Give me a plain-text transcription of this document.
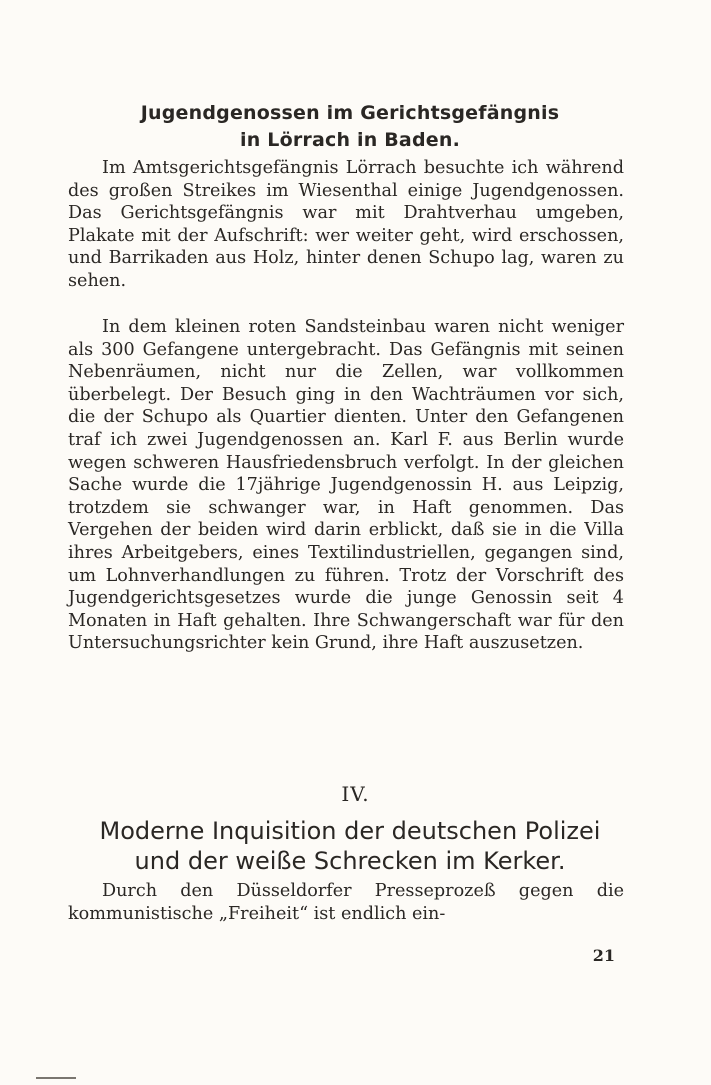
Jugendgenossen im Gerichtsgefängnis
in Lörrach in Baden.

Im Amtsgerichtsgefängnis Lörrach besuchte ich während des großen Streikes im Wiesenthal einige Jugendgenossen. Das Gerichtsgefängnis war mit Drahtverhau umgeben, Plakate mit der Aufschrift: wer weiter geht, wird erschossen, und Barrikaden aus Holz, hinter denen Schupo lag, waren zu sehen.

In dem kleinen roten Sandsteinbau waren nicht weniger als 300 Gefangene untergebracht. Das Gefängnis mit seinen Nebenräumen, nicht nur die Zellen, war vollkommen überbelegt. Der Besuch ging in den Wachträumen vor sich, die der Schupo als Quartier dienten. Unter den Gefangenen traf ich zwei Jugendgenossen an. Karl F. aus Berlin wurde wegen schweren Hausfriedensbruch verfolgt. In der gleichen Sache wurde die 17jährige Jugendgenossin H. aus Leipzig, trotzdem sie schwanger war, in Haft genommen. Das Vergehen der beiden wird darin erblickt, daß sie in die Villa ihres Arbeitgebers, eines Textilindustriellen, gegangen sind, um Lohnverhandlungen zu führen. Trotz der Vorschrift des Jugendgerichtsgesetzes wurde die junge Genossin seit 4 Monaten in Haft gehalten. Ihre Schwangerschaft war für den Untersuchungsrichter kein Grund, ihre Haft auszusetzen.

IV.
Moderne Inquisition der deutschen Polizei
und der weiße Schrecken im Kerker.

Durch den Düsseldorfer Presseprozeß gegen die kommunistische „Freiheit“ ist endlich ein-

21
